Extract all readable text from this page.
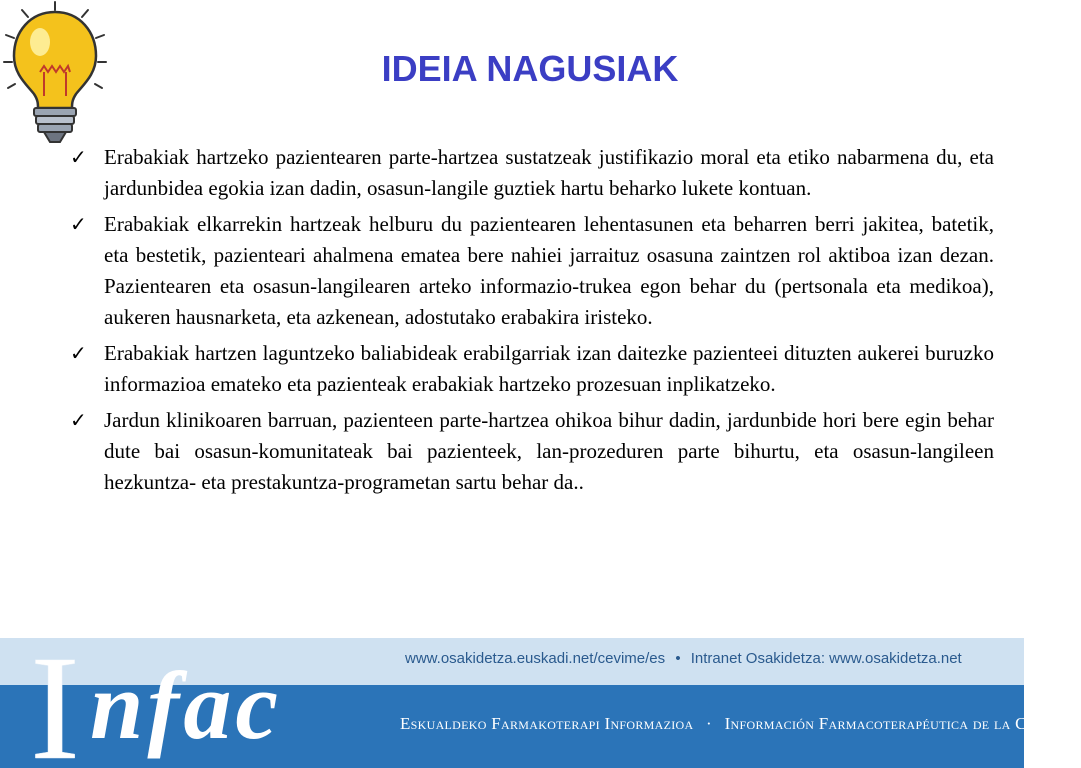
IDEIA NAGUSIAK
✓ Erabakiak hartzeko pazientearen parte-hartzea sustatzeak justifikazio moral eta etiko nabarmena du, eta jardunbidea egokia izan dadin, osasun-langile guztiek hartu beharko lukete kontuan.
✓ Erabakiak elkarrekin hartzeak helburu du pazientearen lehentasunen eta beharren berri jakitea, batetik, eta bestetik, pazienteari ahalmena ematea bere nahiei jarraituz osasuna zaintzen rol aktiboa izan dezan. Pazientearen eta osasun-langilearen arteko informazio-trukea egon behar du (pertsonala eta medikoa), aukeren hausnarketa, eta azkenean, adostutako erabakira iristeko.
✓ Erabakiak hartzen laguntzeko baliabideak erabilgarriak izan daitezke pazienteei dituzten aukerei buruzko informazioa emateko eta pazienteak erabakiak hartzeko prozesuan inplikatzeko.
✓ Jardun klinikoaren barruan, pazienteen parte-hartzea ohikoa bihur dadin, jardunbide hori bere egin behar dute bai osasun-komunitateak bai pazienteek, lan-prozeduren parte bihurtu, eta osasun-langileen hezkuntza- eta prestakuntza-programetan sartu behar da..
www.osakidetza.euskadi.net/cevime/es • Intranet Osakidetza: www.osakidetza.net
Eskualdeko Farmakoterapi Informazioa · Información Farmacoterapéutica de la Comarca
I nfac
